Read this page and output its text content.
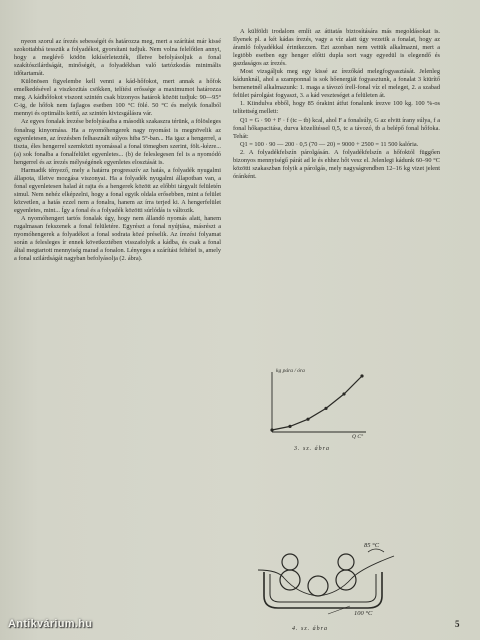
nyeon szorul az írezés sebességét és határozza meg, mert a szárítást már kissé szokottabbá tesszük a folyadékot, gyorsítani tudjuk. Nem volna felelőtlen annyi, hogy a meglévő ködön kikísérletezték, illetve befolyásoljuk a fonal szakítószilárdságát, minőségét, a folyadékban való tartózkodás minimális időtartamát.

Különösen figyelembe kell venni a kád-hőfokot, mert annak a hőfok emelkedésével a viszkozitás csökken, telítési erőssége a maximumot határozza meg. A kádhőfokot viszont szintén csak bizonyos határok között tudjuk: 90—95° C-ig, de hőfok nem fajlagos esetben 100 °C fölé. 50 °C és melyik fonalból mennyi és optimális kettő, az szintén kivizsgálásra vár.

Az egyes fonalak írezése befolyásaiba a második szakaszra térünk, a fölösleges fonalrag kinyomása. Ha a nyomóhengerek nagy nyomást is megnövelik az egyenletesen, az írezésben felhasznált súlyos hiba 5°-ban... Ha igaz a hengerrel, a tiszta, éles hengerrel szemközti nyomással a fonal tömegben szerint, fölt.-kézre... (a) sok fonalba a fonalfelület egyenletes... (b) de feleslegesen fel is a nyomódó hengerrel és az írezés mélységének egyenletes elosztását is.

Harmadik tényező, mely a határra progresszív az hatás, a folyadék nyugalmi állapota, illetve mozgása viszonyai. Ha a folyadék nyugalmi állapotban van, a fonal egyenletesen halad át rajta és a hengerek között az előbbi tárgyalt felületén simul. Nem nehéz elképzelni, hogy a fonal egyik oldala erősebben, mint a felület közvetlen, a hatás ezzel nem a fonalra, hanem az írra terjed ki. A hengerfelület egyenletes, mint... Így a fonal és a folyadék közötti súrlódás is változik.

A nyomóhengert tartós fonalak úgy, hogy nem állandó nyomás alatt, hanem rugalmasan fekszenek a fonal felületére. Egyrészt a fonal nyújtása, másrészt a nyomóhengerek a folyadékot a fonal sodrata közé préselik. Az írezési folyamat során a felesleges ír ennek következtében visszafolyik a kádba, és csak a fonal által megtartott mennyiség marad a fonalon. Lényeges a szárítási feltétel is, amely a fonal szilárdságát nagyban befolyásolja (2. ábra).

A külföldi irodalom említ az átitatás biztosítására más megoldásokat is. Ilyenek pl. a két kádas írezés, vagy a víz alatt úgy vezetik a fonalat, hogy az áramló folyadékkal érintkezzen. Ezt azonban nem vettük alkalmazni, mert a legtöbb esetben egy henger előtti dupla sort vagy egyedül is elegendő és gazdaságos az írezés.

Most vizsgáljuk meg egy kissé az írezőkád melegfogyasztását. Jelenleg kádunknál, ahol a szamponnal is sok hőenergiát fogyasztunk, a fonalat 3 kiürítő bemenetnél alkalmazunk: 1. maga a távozó írell-fonal víz el meleget, 2. a szabad felület párolgást fogyaszt, 3. a kád veszteséget a felületen át.

1. Kiindulva ebből, hogy 85 órakint átfut fonalunk írezve 100 kg. 100 %-os telítettség mellett:

Q1 = G · 90 + F · f (tc – tb) kcal, ahol F a fonalsúly, G az elvitt írany súlya, f a fonal hőkapacitása, durva közelítéssel 0,5, tc a távozó, tb a belépő fonal hőfoka. Tehát:

Q1 = 100 · 90 — 200 · 0,5 (70 — 20) = 9000 + 2500 = 11 500 kalória.

2. A folyadékfelszín párolgásán. A folyadékfelszín a hőfoktól függően bizonyos mennyiségű párát ad le és ehhez hőt vesz el. Jelenlegi kádunk 60–90 °C közötti szakaszban folyik a párolgás, mely nagyságrendben 12–16 kg vizet jelent óránként.

kg pára / óra
Q C°
3. sz. ábra
85 °C
100 °C
4. sz. ábra	5
Antikvárium.hu
